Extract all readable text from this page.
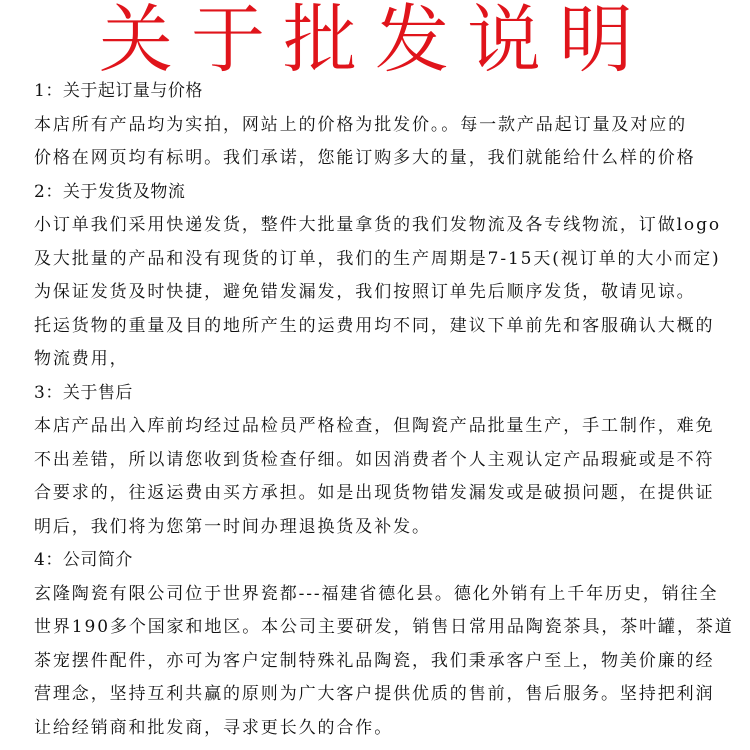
关于批发说明
1：关于起订量与价格
本店所有产品均为实拍，网站上的价格为批发价。。每一款产品起订量及对应的
价格在网页均有标明。我们承诺，您能订购多大的量，我们就能给什么样的价格
2：关于发货及物流
小订单我们采用快递发货，整件大批量拿货的我们发物流及各专线物流，订做logo
及大批量的产品和没有现货的订单，我们的生产周期是7-15天(视订单的大小而定)
为保证发货及时快捷，避免错发漏发，我们按照订单先后顺序发货，敬请见谅。
托运货物的重量及目的地所产生的运费用均不同，建议下单前先和客服确认大概的
物流费用，
3：关于售后
本店产品出入库前均经过品检员严格检查，但陶瓷产品批量生产，手工制作，难免
不出差错，所以请您收到货检查仔细。如因消费者个人主观认定产品瑕疵或是不符
合要求的，往返运费由买方承担。如是出现货物错发漏发或是破损问题，在提供证
明后，我们将为您第一时间办理退换货及补发。
4：公司简介
玄隆陶瓷有限公司位于世界瓷都---福建省德化县。德化外销有上千年历史，销往全
世界190多个国家和地区。本公司主要研发，销售日常用品陶瓷茶具，茶叶罐，茶道
茶宠摆件配件，亦可为客户定制特殊礼品陶瓷，我们秉承客户至上，物美价廉的经
营理念，坚持互利共赢的原则为广大客户提供优质的售前，售后服务。坚持把利润
让给经销商和批发商，寻求更长久的合作。
